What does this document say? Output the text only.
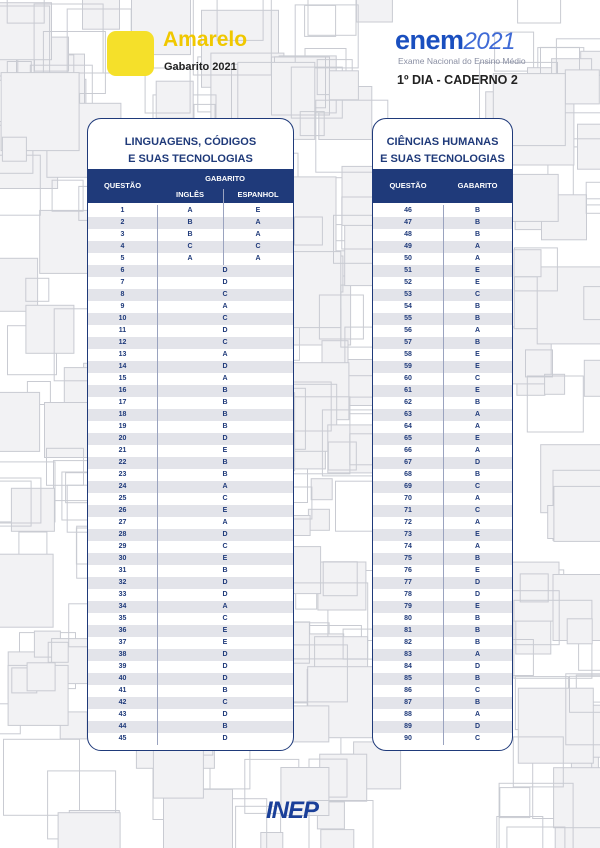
Amarelo
Gabarito 2021
enem2021
Exame Nacional do Ensino Médio
1º DIA - CADERNO 2
LINGUAGENS, CÓDIGOS
E SUAS TECNOLOGIAS
QUESTÃO
GABARITO
INGLÊS	ESPANHOL
1	A	E
2	B	A
3	B	A
4	C	C
5	A	A
6	D
7	D
8	C
9	A
10	C
11	D
12	C
13	A
14	D
15	A
16	B
17	B
18	B
19	B
20	D
21	E
22	B
23	B
24	A
25	C
26	E
27	A
28	D
29	C
30	E
31	B
32	D
33	D
34	A
35	C
36	E
37	E
38	D
39	D
40	D
41	B
42	C
43	D
44	B
45	D
CIÊNCIAS HUMANAS
E SUAS TECNOLOGIAS
QUESTÃO	GABARITO
46	B
47	B
48	B
49	A
50	A
51	E
52	E
53	C
54	B
55	B
56	A
57	B
58	E
59	E
60	C
61	E
62	B
63	A
64	A
65	E
66	A
67	D
68	B
69	C
70	A
71	C
72	A
73	E
74	A
75	B
76	E
77	D
78	D
79	E
80	B
81	B
82	B
83	A
84	D
85	B
86	C
87	B
88	A
89	D
90	C
INEP
